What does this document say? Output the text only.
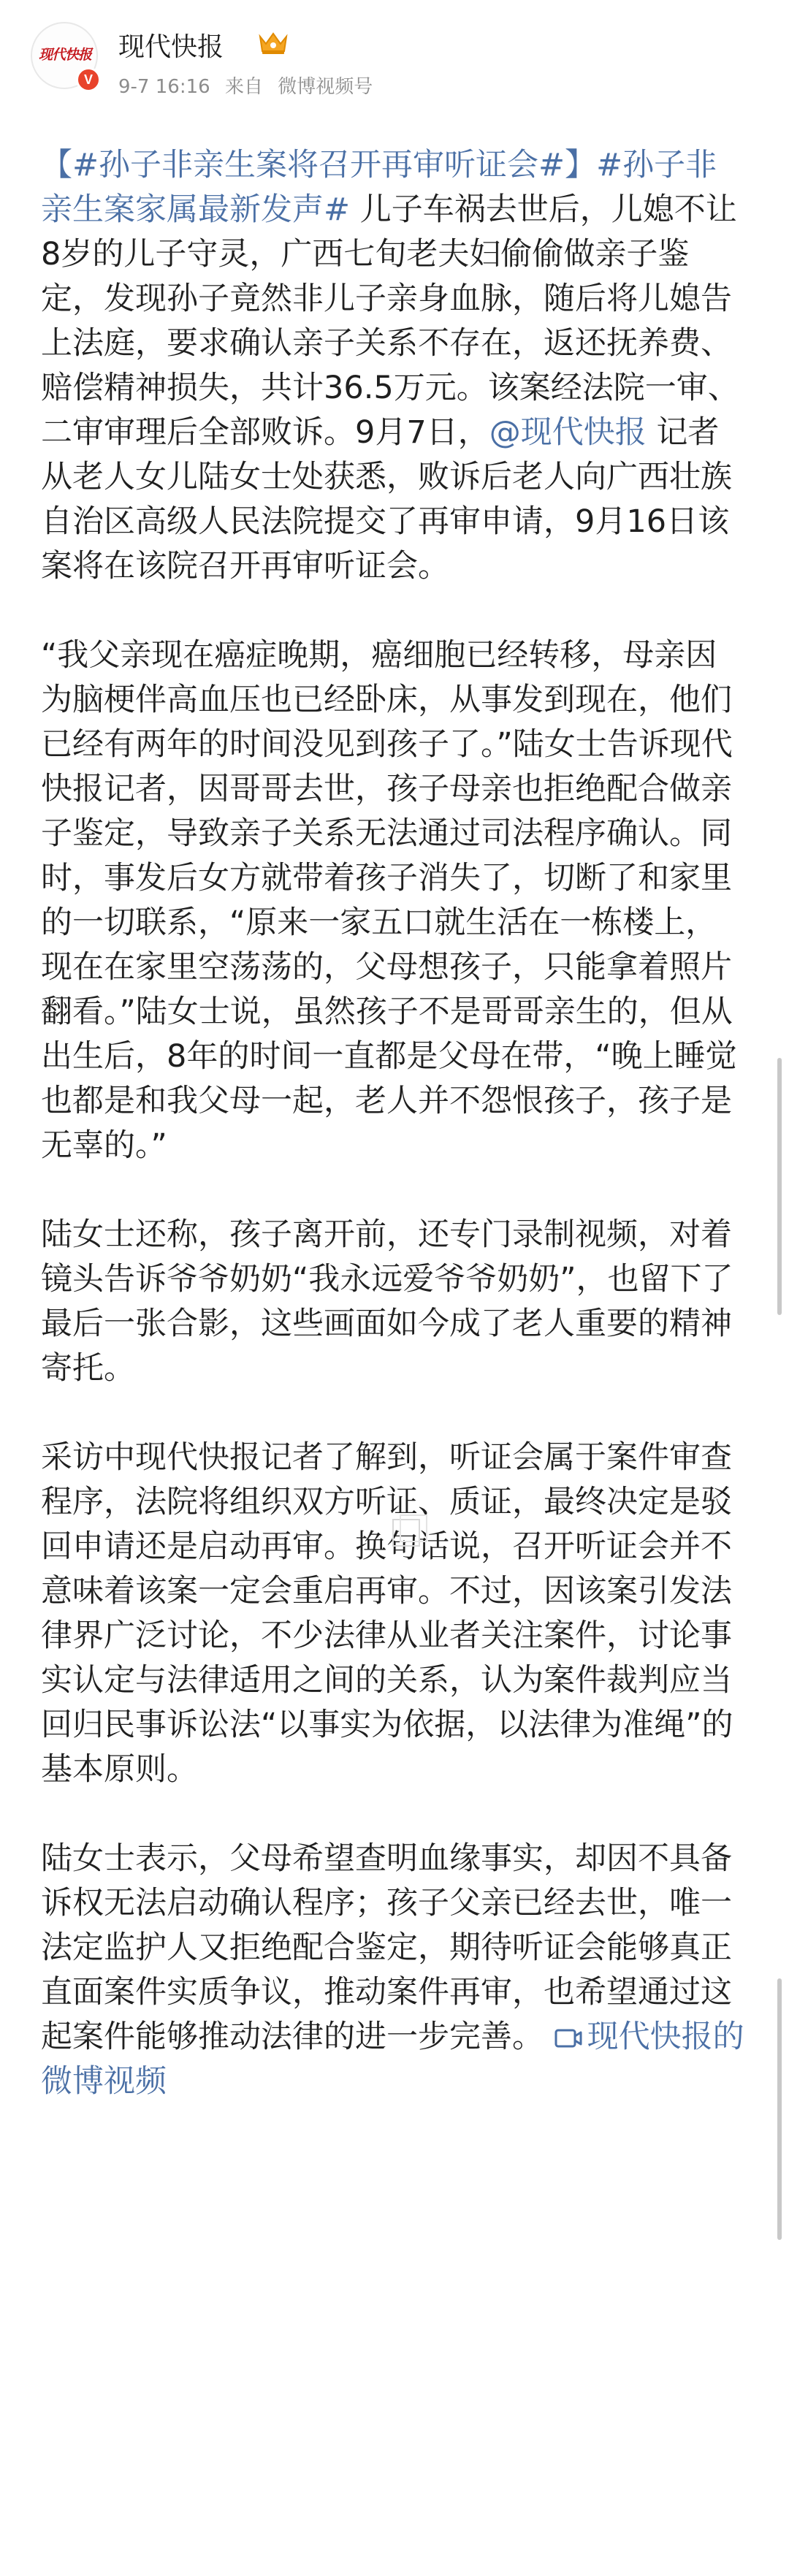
现代快报
V
现代快报
9-7 16:16 来自 微博视频号

【#孙子非亲生案将召开再审听证会#】#孙子非亲生案家属最新发声# 儿子车祸去世后，儿媳不让8岁的儿子守灵，广西七旬老夫妇偷偷做亲子鉴定，发现孙子竟然非儿子亲身血脉，随后将儿媳告上法庭，要求确认亲子关系不存在，返还抚养费、赔偿精神损失，共计36.5万元。该案经法院一审、二审审理后全部败诉。9月7日，@现代快报 记者从老人女儿陆女士处获悉，败诉后老人向广西壮族自治区高级人民法院提交了再审申请，9月16日该案将在该院召开再审听证会。

“我父亲现在癌症晚期，癌细胞已经转移，母亲因为脑梗伴高血压也已经卧床，从事发到现在，他们已经有两年的时间没见到孩子了。”陆女士告诉现代快报记者，因哥哥去世，孩子母亲也拒绝配合做亲子鉴定，导致亲子关系无法通过司法程序确认。同时，事发后女方就带着孩子消失了，切断了和家里的一切联系，“原来一家五口就生活在一栋楼上，现在在家里空荡荡的，父母想孩子，只能拿着照片翻看。”陆女士说，虽然孩子不是哥哥亲生的，但从出生后，8年的时间一直都是父母在带，“晚上睡觉也都是和我父母一起，老人并不怨恨孩子，孩子是无辜的。”

陆女士还称，孩子离开前，还专门录制视频，对着镜头告诉爷爷奶奶“我永远爱爷爷奶奶”，也留下了最后一张合影，这些画面如今成了老人重要的精神寄托。

采访中现代快报记者了解到，听证会属于案件审查程序，法院将组织双方听证、质证，最终决定是驳回申请还是启动再审。换句话说，召开听证会并不意味着该案一定会重启再审。不过，因该案引发法律界广泛讨论，不少法律从业者关注案件，讨论事实认定与法律适用之间的关系，认为案件裁判应当回归民事诉讼法“以事实为依据，以法律为准绳”的基本原则。

陆女士表示，父母希望查明血缘事实，却因不具备诉权无法启动确认程序；孩子父亲已经去世，唯一法定监护人又拒绝配合鉴定，期待听证会能够真正直面案件实质争议，推动案件再审，也希望通过这起案件能够推动法律的进一步完善。 现代快报的微博视频
